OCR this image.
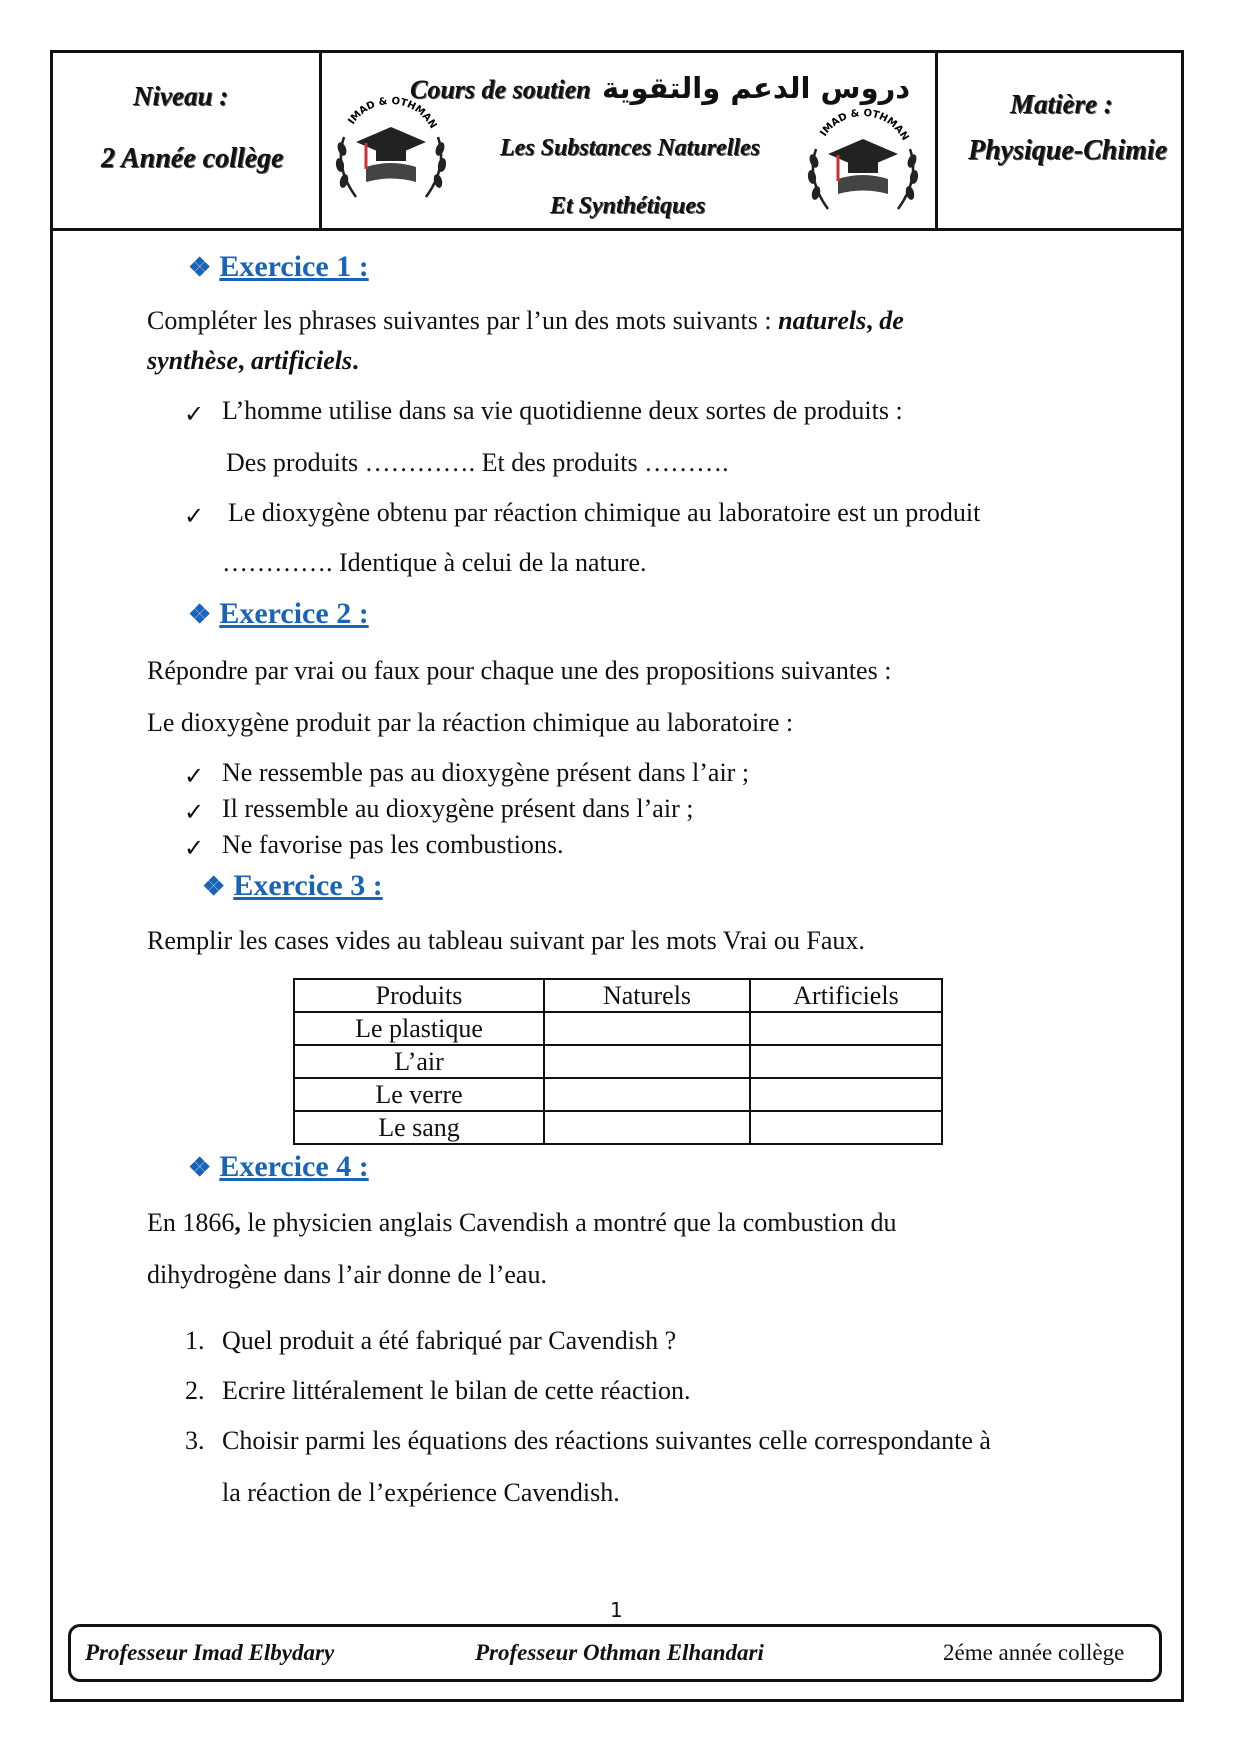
Niveau :
2 Année collège
Cours de soutien دروس الدعم والتقوية
Les Substances Naturelles
Et Synthétiques
IMAD & OTHMAN
IMAD & OTHMAN
Matière :
Physique-Chimie
❖ Exercice 1 :
Compléter les phrases suivantes par l’un des mots suivants : naturels, de
synthèse, artificiels.
✓ L’homme utilise dans sa vie quotidienne deux sortes de produits :
Des produits …………. Et des produits ……….
✓ Le dioxygène obtenu par réaction chimique au laboratoire est un produit
…………. Identique à celui de la nature.
❖ Exercice 2 :
Répondre par vrai ou faux pour chaque une des propositions suivantes :
Le dioxygène produit par la réaction chimique au laboratoire :
✓ Ne ressemble pas au dioxygène présent dans l’air ;
✓ Il ressemble au dioxygène présent dans l’air ;
✓ Ne favorise pas les combustions.
❖ Exercice 3 :
Remplir les cases vides au tableau suivant par les mots Vrai ou Faux.
Produits	Naturels	Artificiels
Le plastique		
L’air		
Le verre		
Le sang		
❖ Exercice 4 :
En 1866, le physicien anglais Cavendish a montré que la combustion du
dihydrogène dans l’air donne de l’eau.
1. Quel produit a été fabriqué par Cavendish ?
2. Ecrire littéralement le bilan de cette réaction.
3. Choisir parmi les équations des réactions suivantes celle correspondante à
la réaction de l’expérience Cavendish.
1
Professeur Imad Elbydary	Professeur Othman Elhandari	2éme année collège
